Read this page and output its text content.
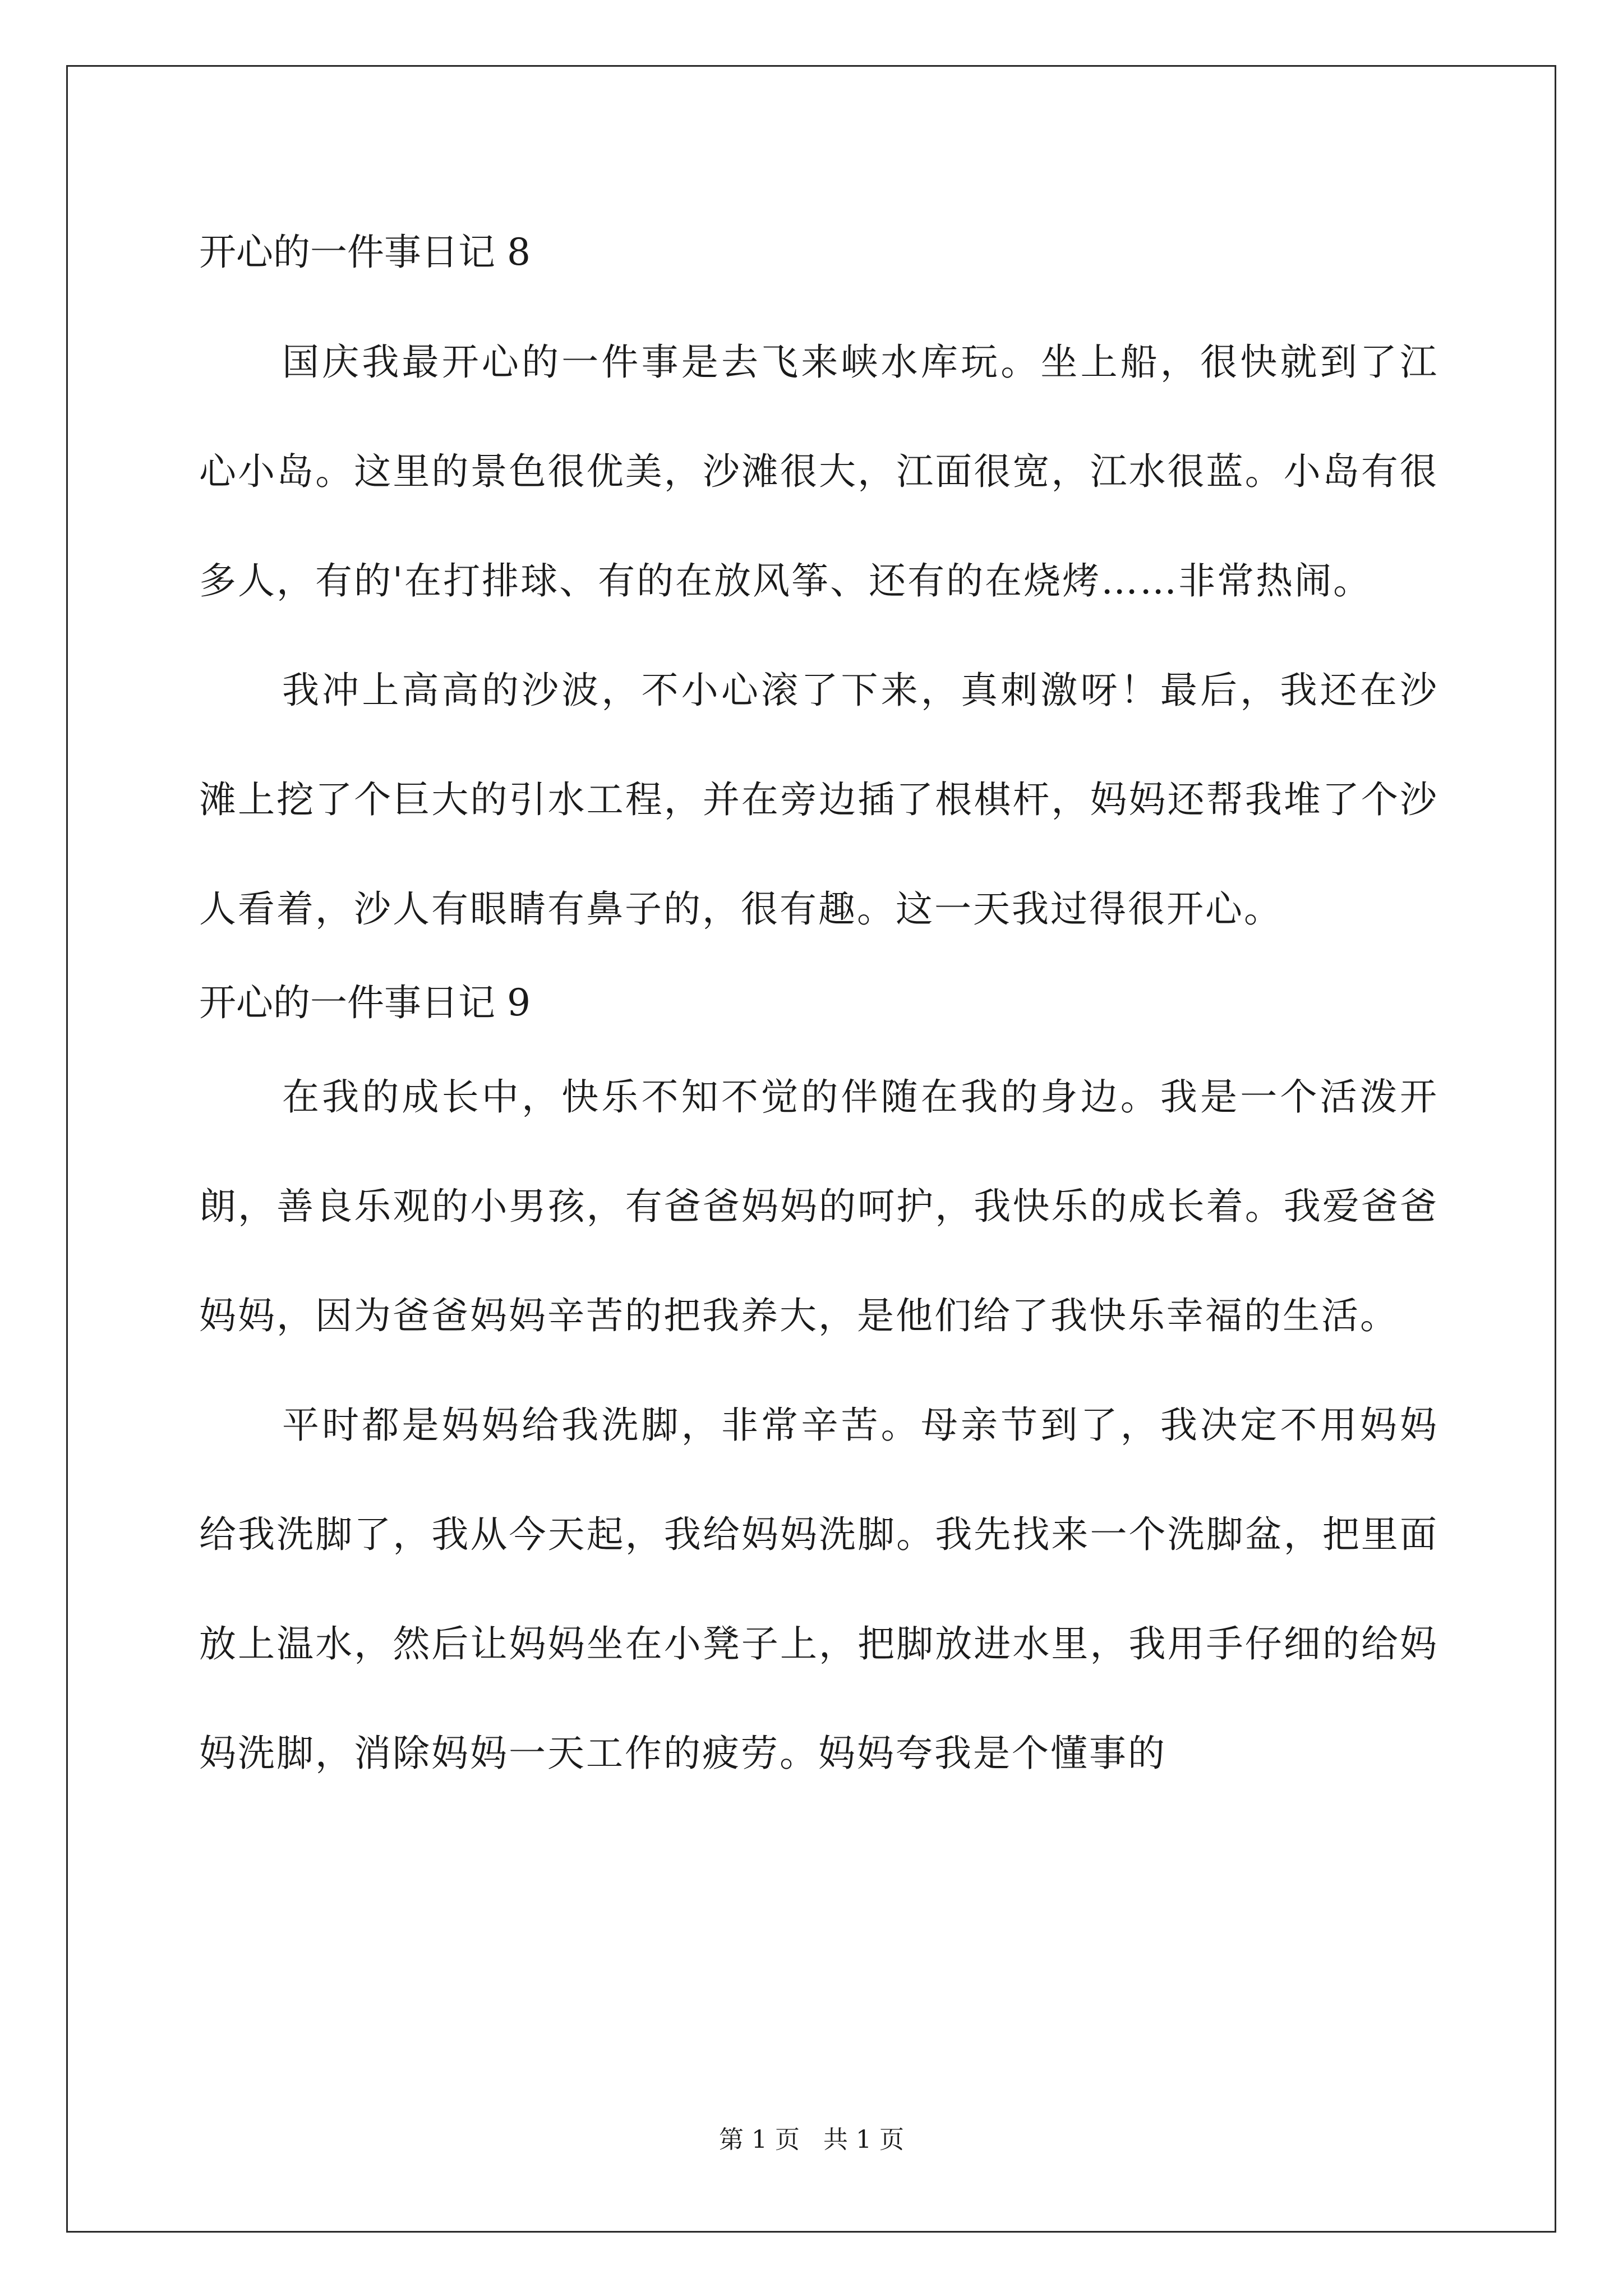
开心的一件事日记 8

国庆我最开心的一件事是去飞来峡水库玩。坐上船，很快就到了江心小岛。这里的景色很优美，沙滩很大，江面很宽，江水很蓝。小岛有很多人，有的'在打排球、有的在放风筝、还有的在烧烤……非常热闹。

我冲上高高的沙波，不小心滚了下来，真刺激呀！最后，我还在沙滩上挖了个巨大的引水工程，并在旁边插了根棋杆，妈妈还帮我堆了个沙人看着，沙人有眼睛有鼻子的，很有趣。这一天我过得很开心。

开心的一件事日记 9

在我的成长中，快乐不知不觉的伴随在我的身边。我是一个活泼开朗，善良乐观的小男孩，有爸爸妈妈的呵护，我快乐的成长着。我爱爸爸妈妈，因为爸爸妈妈辛苦的把我养大，是他们给了我快乐幸福的生活。

平时都是妈妈给我洗脚，非常辛苦。母亲节到了，我决定不用妈妈给我洗脚了，我从今天起，我给妈妈洗脚。我先找来一个洗脚盆，把里面放上温水，然后让妈妈坐在小凳子上，把脚放进水里，我用手仔细的给妈妈洗脚，消除妈妈一天工作的疲劳。妈妈夸我是个懂事的

第 1 页   共 1 页
